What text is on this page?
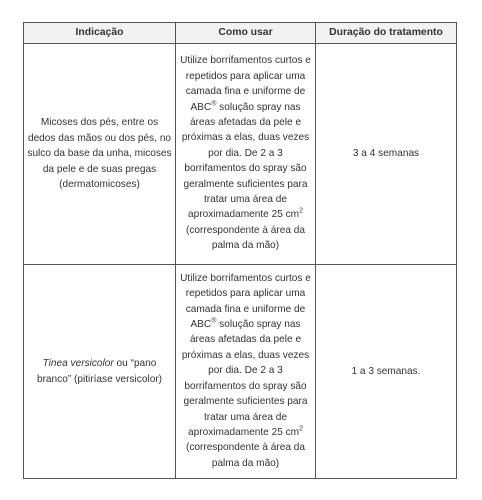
Indicação	Como usar	Duração do tratamento
Micoses dos pés, entre os dedos das mãos ou dos pés, no sulco da base da unha, micoses da pele e de suas pregas (dermatomicoses)	Utilize borrifamentos curtos e repetidos para aplicar uma camada fina e uniforme de ABC® solução spray nas áreas afetadas da pele e próximas a elas, duas vezes por dia. De 2 a 3 borrifamentos do spray são geralmente suficientes para tratar uma área de aproximadamente 25 $cm^2$ (correspondente à área da palma da mão)	3 a 4 semanas
Tinea versicolor ou “pano branco” (pitiríase versicolor)	Utilize borrifamentos curtos e repetidos para aplicar uma camada fina e uniforme de ABC® solução spray nas áreas afetadas da pele e próximas a elas, duas vezes por dia. De 2 a 3 borrifamentos do spray são geralmente suficientes para tratar uma área de aproximadamente 25 $cm^2$ (correspondente à área da palma da mão)	1 a 3 semanas.
